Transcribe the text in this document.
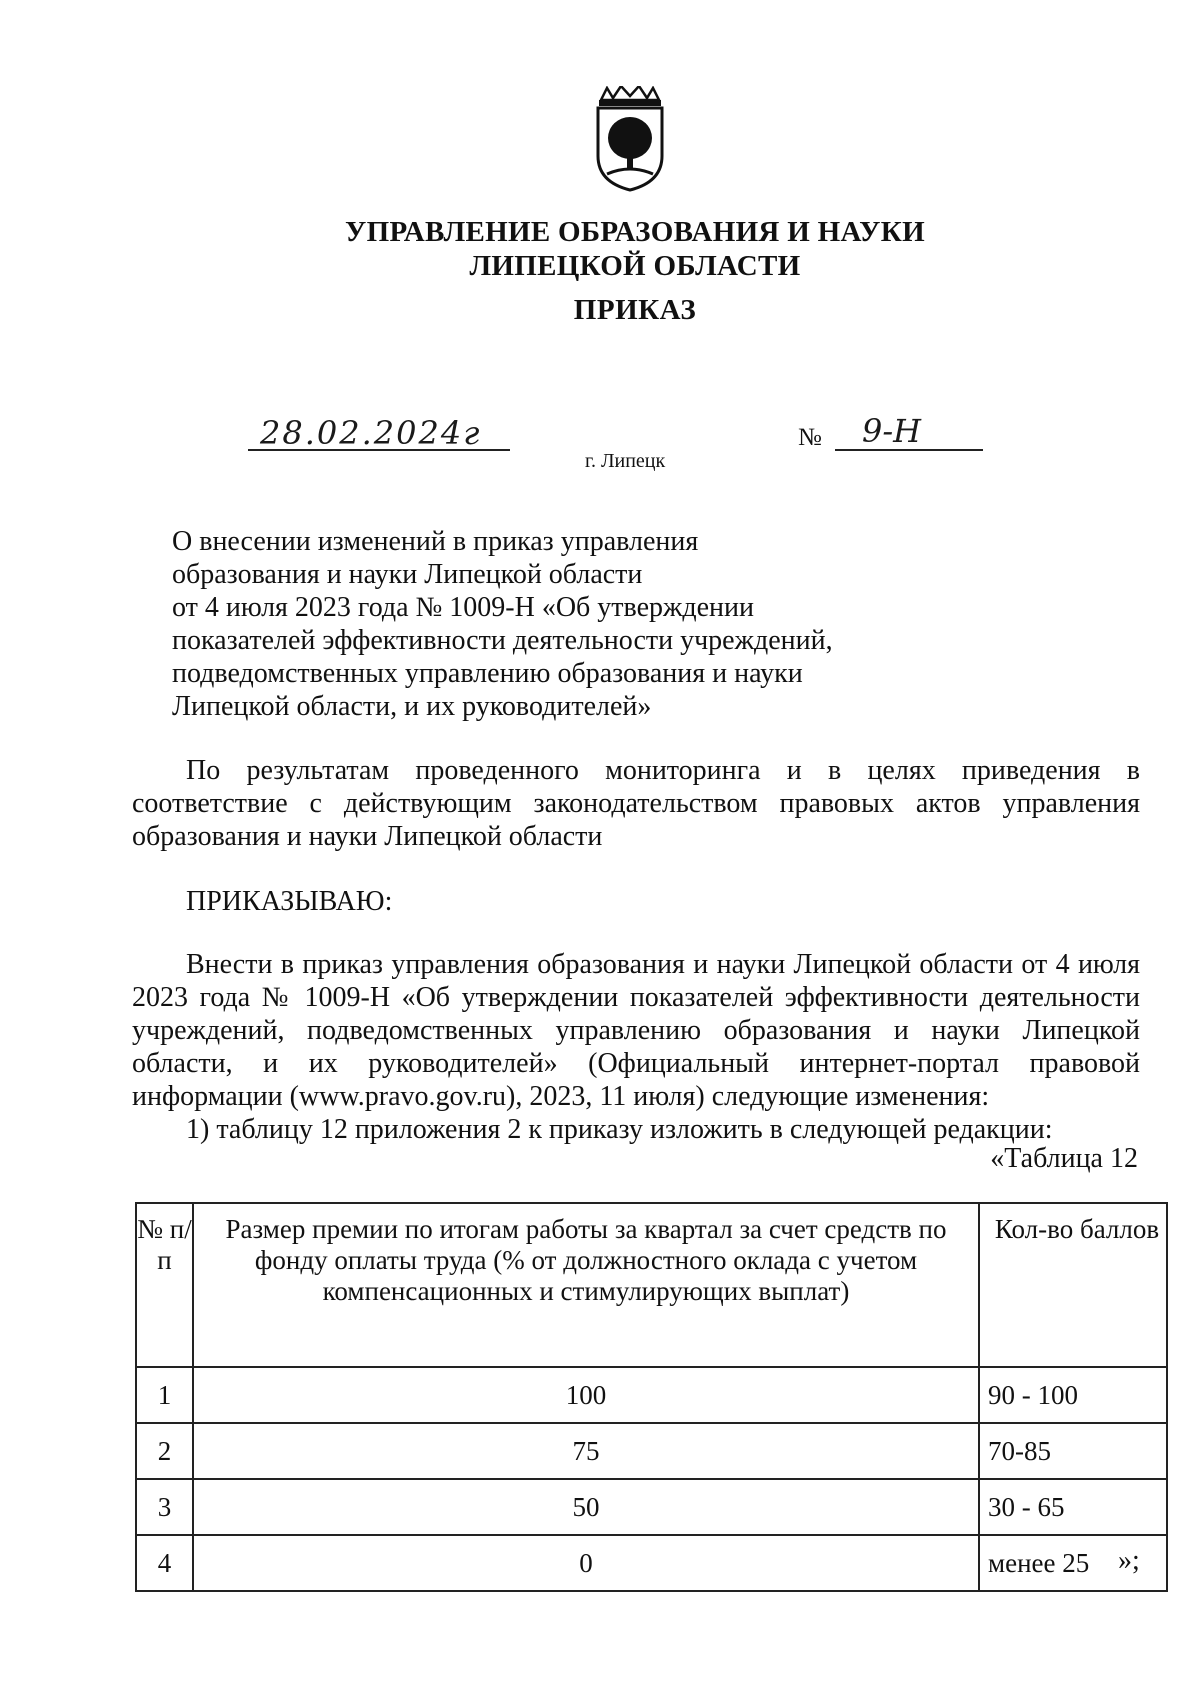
УПРАВЛЕНИЕ ОБРАЗОВАНИЯ И НАУКИ
ЛИПЕЦКОЙ ОБЛАСТИ
ПРИКАЗ
28.02.2024г	№ 9-Н
г. Липецк
О внесении изменений в приказ управления
образования и науки Липецкой области
от 4 июля 2023 года № 1009-Н «Об утверждении
показателей эффективности деятельности учреждений,
подведомственных управлению образования и науки
Липецкой области, и их руководителей»

По результатам проведенного мониторинга и в целях приведения в соответствие с действующим законодательством правовых актов управления образования и науки Липецкой области

ПРИКАЗЫВАЮ:

Внести в приказ управления образования и науки Липецкой области от 4 июля 2023 года № 1009-Н «Об утверждении показателей эффективности деятельности учреждений, подведомственных управлению образования и науки Липецкой области, и их руководителей» (Официальный интернет-портал правовой информации (www.pravo.gov.ru), 2023, 11 июля) следующие изменения:

1) таблицу 12 приложения 2 к приказу изложить в следующей редакции:

«Таблица 12
№ п/п	Размер премии по итогам работы за квартал за счет средств по фонду оплаты труда (% от должностного оклада с учетом компенсационных и стимулирующих выплат)	Кол-во баллов
1	100	90 - 100
2	75	70-85
3	50	30 - 65
4	0	менее 25 »;
